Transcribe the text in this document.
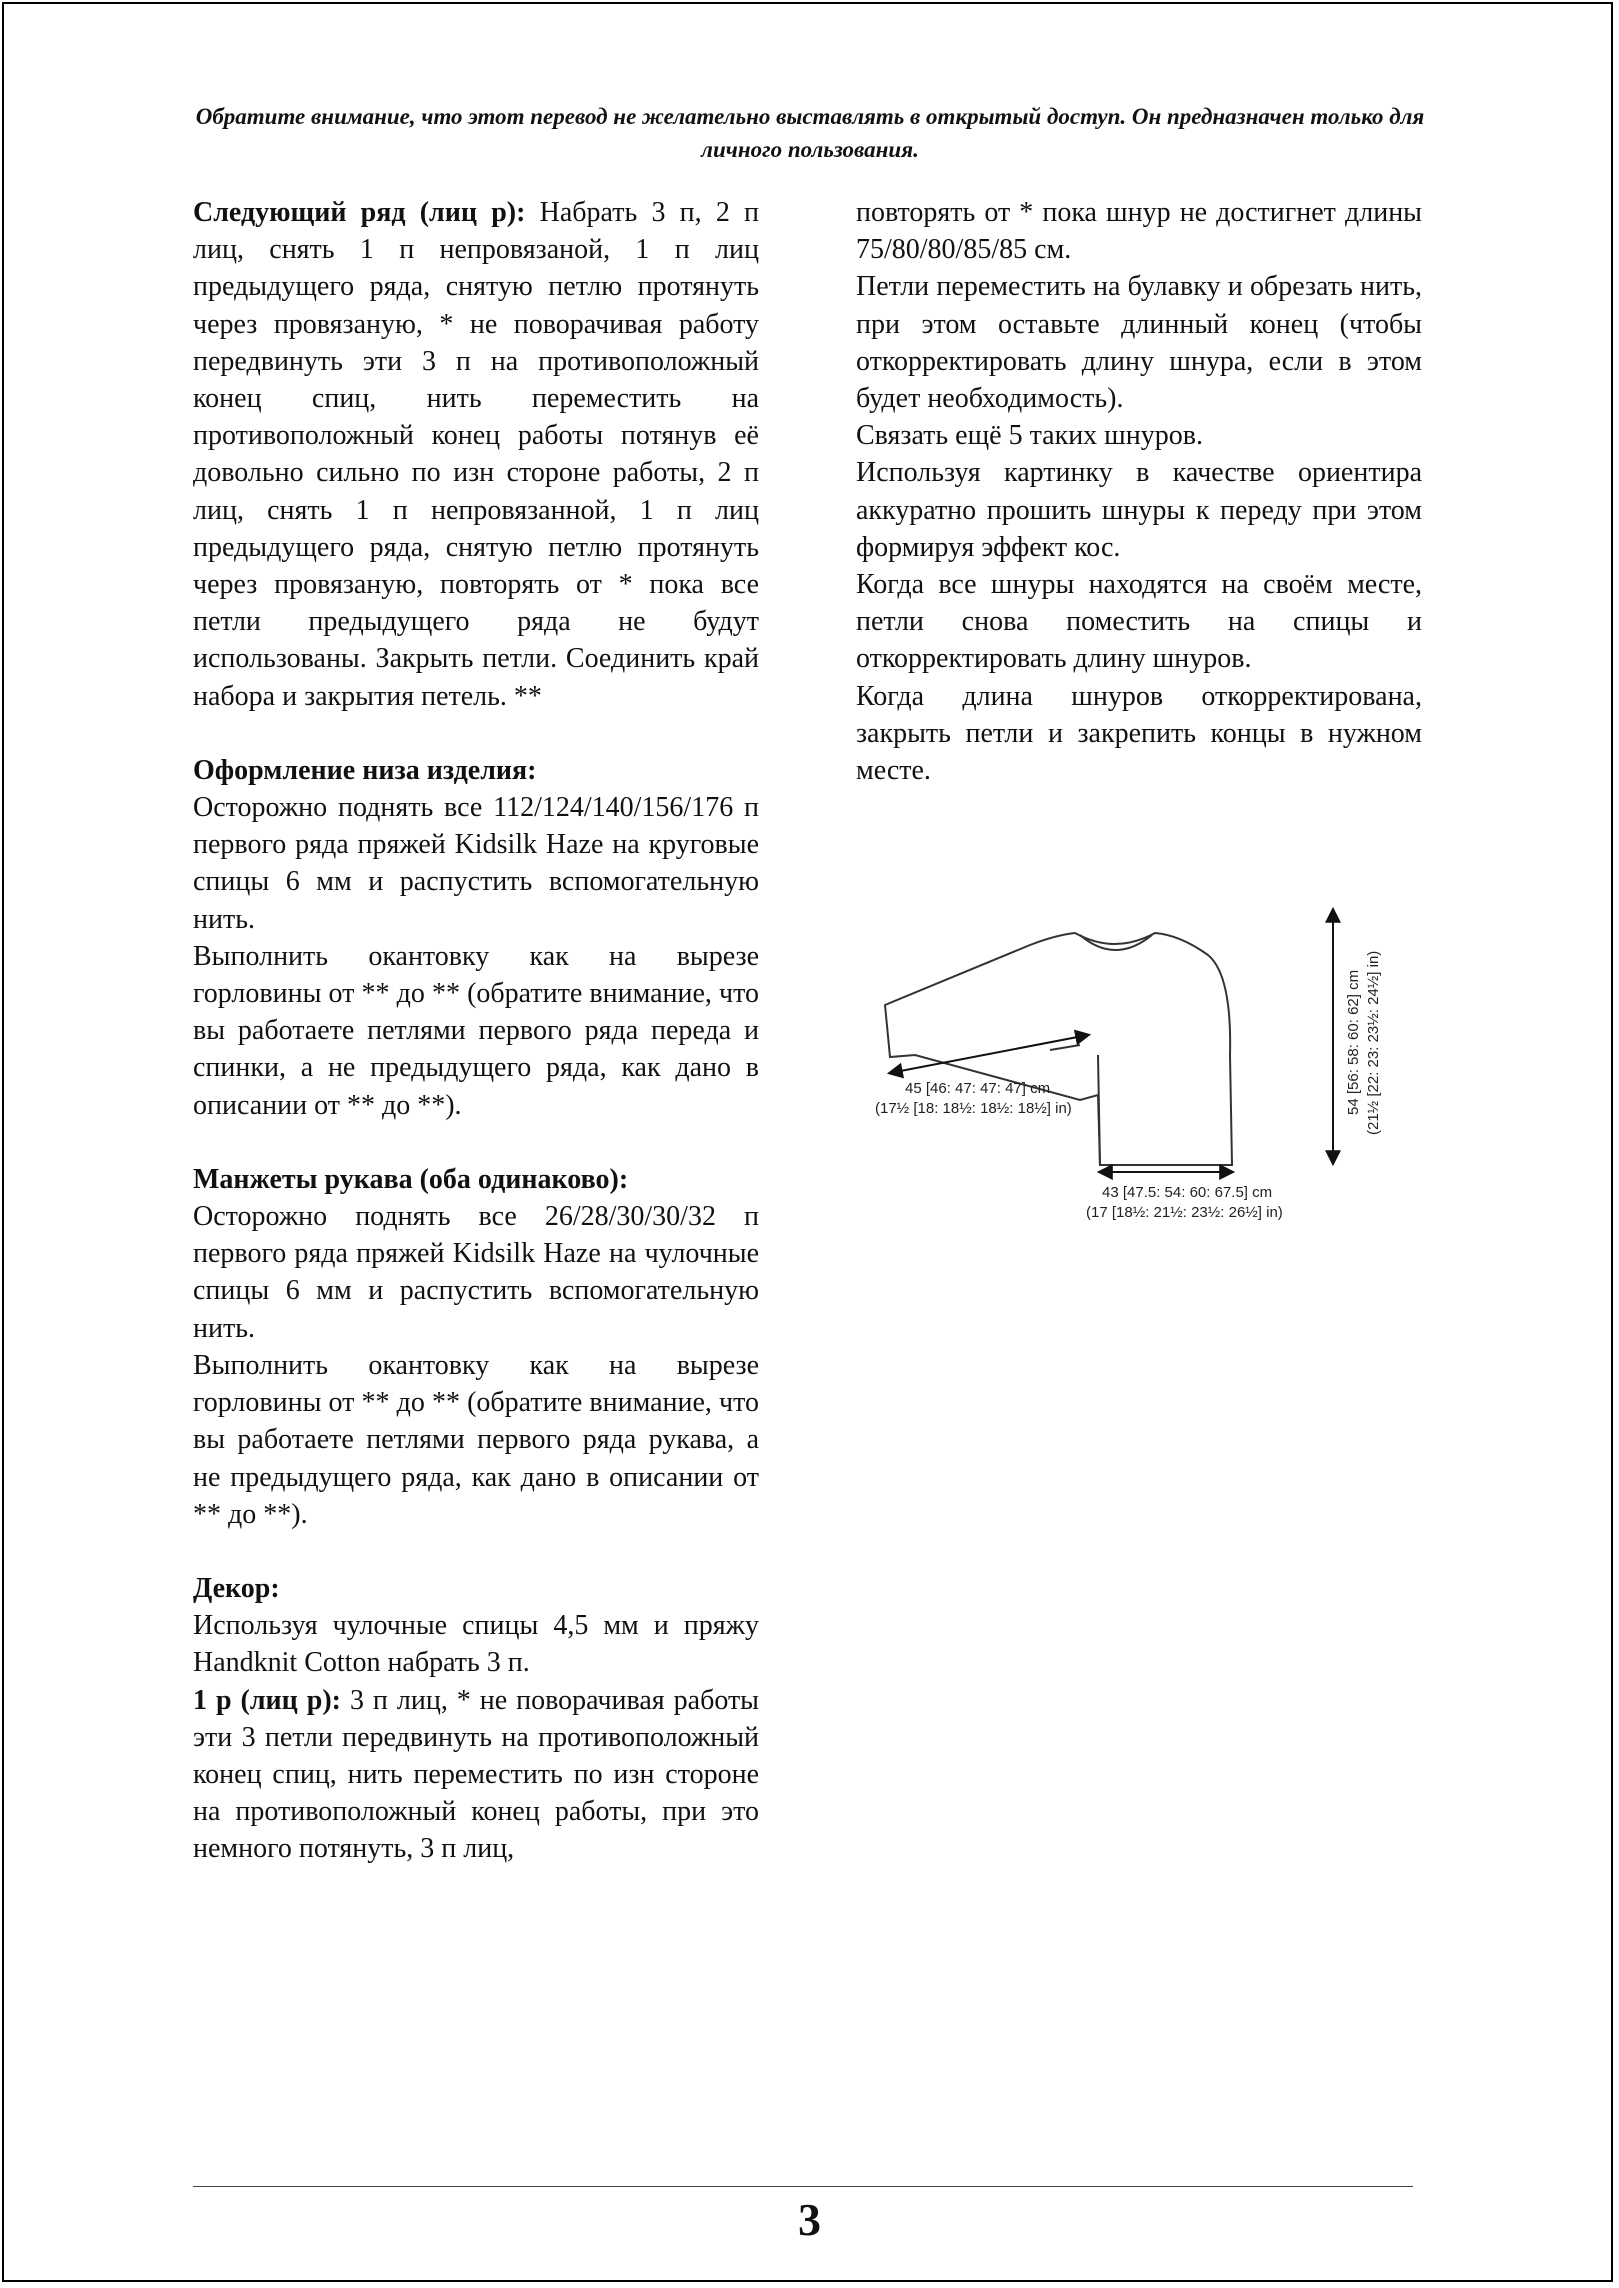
Обратите внимание, что этот перевод не желательно выставлять в открытый доступ. Он предназначен только для личного пользования.

Следующий ряд (лиц р): Набрать 3 п, 2 п лиц, снять 1 п непровязаной, 1 п лиц предыдущего ряда, снятую петлю протянуть через провязаную, * не поворачивая работу передвинуть эти 3 п на противоположный конец спиц, нить переместить на противоположный конец работы потянув её довольно сильно по изн стороне работы, 2 п лиц, снять 1 п непровязанной, 1 п лиц предыдущего ряда, снятую петлю протянуть через провязаную, повторять от * пока все петли предыдущего ряда не будут использованы. Закрыть петли. Соединить край набора и закрытия петель. **

Оформление низа изделия:

Осторожно поднять все 112/124/140/156/176 п первого ряда пряжей Kidsilk Haze на круговые спицы 6 мм и распустить вспомогательную нить.

Выполнить окантовку как на вырезе горловины от ** до ** (обратите внимание, что вы работаете петлями первого ряда переда и спинки, а не предыдущего ряда, как дано в описании от ** до **).

Манжеты рукава (оба одинаково):

Осторожно поднять все 26/28/30/30/32 п первого ряда пряжей Kidsilk Haze на чулочные спицы 6 мм и распустить вспомогательную нить.

Выполнить окантовку как на вырезе горловины от ** до ** (обратите внимание, что вы работаете петлями первого ряда рукава, а не предыдущего ряда, как дано в описании от ** до **).

Декор:

Используя чулочные спицы 4,5 мм и пряжу Handknit Cotton набрать 3 п.

1 р (лиц р): 3 п лиц, * не поворачивая работы эти 3 петли передвинуть на противоположный конец спиц, нить переместить по изн стороне на противоположный конец работы, при это немного потянуть, 3 п лиц,

повторять от * пока шнур не достигнет длины 75/80/80/85/85 см.

Петли переместить на булавку и обрезать нить, при этом оставьте длинный конец (чтобы откорректировать длину шнура, если в этом будет необходимость).

Связать ещё 5 таких шнуров.

Используя картинку в качестве ориентира аккуратно прошить шнуры к переду при этом формируя эффект кос.

Когда все шнуры находятся на своём месте, петли снова поместить на спицы и откорректировать длину шнуров.

Когда длина шнуров откорректирована, закрыть петли и закрепить концы в нужном месте.

45 [46: 47: 47: 47] cm
(17½ [18: 18½: 18½: 18½] in)
43 [47.5: 54: 60: 67.5] cm
(17 [18½: 21½: 23½: 26½] in)
54 [56: 58: 60: 62] cm (21½ [22: 23: 23½: 24½] in)
3
